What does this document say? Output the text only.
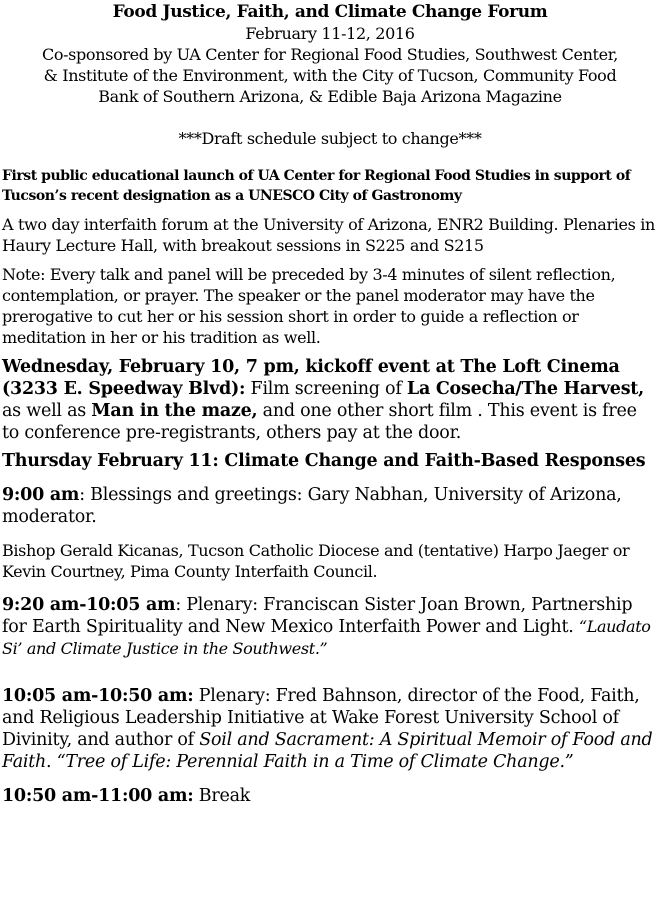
Food Justice, Faith, and Climate Change Forum
February 11-12, 2016
Co-sponsored by UA Center for Regional Food Studies, Southwest Center,
& Institute of the Environment, with the City of Tucson, Community Food
Bank of Southern Arizona, & Edible Baja Arizona Magazine
***Draft schedule subject to change***
First public educational launch of UA Center for Regional Food Studies in support of Tucson’s recent designation as a UNESCO City of Gastronomy

A two day interfaith forum at the University of Arizona, ENR2 Building. Plenaries in Haury Lecture Hall, with breakout sessions in S225 and S215

Note: Every talk and panel will be preceded by 3-4 minutes of silent reflection, contemplation, or prayer. The speaker or the panel moderator may have the prerogative to cut her or his session short in order to guide a reflection or meditation in her or his tradition as well.

Wednesday, February 10, 7 pm, kickoff event at The Loft Cinema (3233 E. Speedway Blvd): Film screening of La Cosecha/The Harvest, as well as Man in the maze, and one other short film . This event is free to conference pre-registrants, others pay at the door.

Thursday February 11: Climate Change and Faith-Based Responses

9:00 am: Blessings and greetings: Gary Nabhan, University of Arizona, moderator.

Bishop Gerald Kicanas, Tucson Catholic Diocese and (tentative) Harpo Jaeger or Kevin Courtney, Pima County Interfaith Council.

9:20 am-10:05 am: Plenary: Franciscan Sister Joan Brown, Partnership for Earth Spirituality and New Mexico Interfaith Power and Light. “Laudato Si’ and Climate Justice in the Southwest.”

10:05 am-10:50 am: Plenary: Fred Bahnson, director of the Food, Faith, and Religious Leadership Initiative at Wake Forest University School of Divinity, and author of Soil and Sacrament: A Spiritual Memoir of Food and Faith. “Tree of Life: Perennial Faith in a Time of Climate Change.”

10:50 am-11:00 am: Break
